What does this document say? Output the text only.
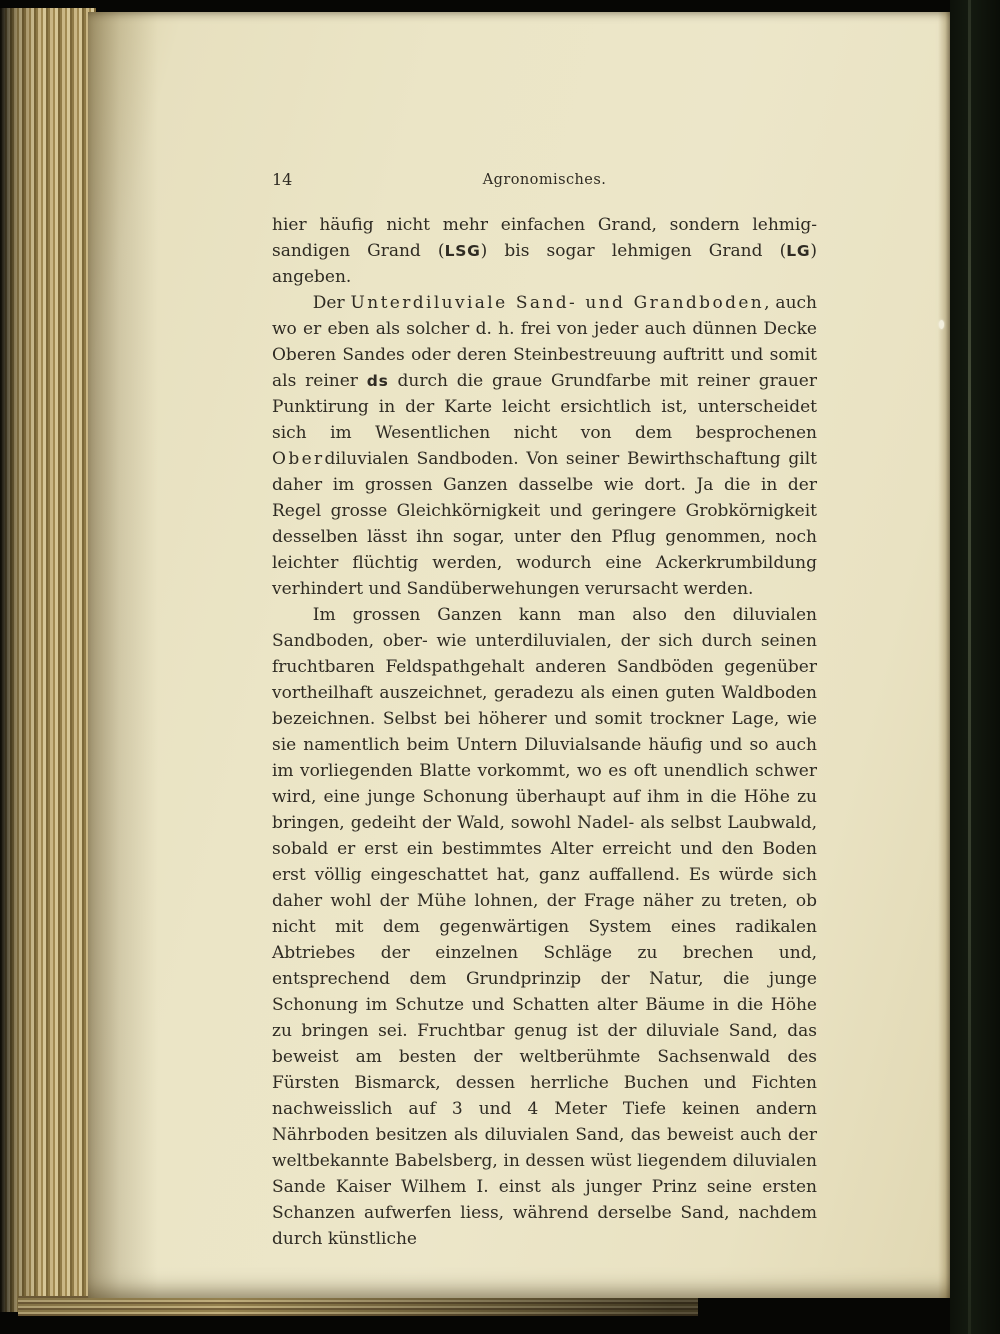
14	Agronomisches.

hier häufig nicht mehr einfachen Grand, sondern lehmig-sandigen Grand (LSG) bis sogar lehmigen Grand (LG) angeben.

Der Unterdiluviale Sand- und Grandboden, auch wo er eben als solcher d. h. frei von jeder auch dünnen Decke Oberen Sandes oder deren Steinbestreuung auftritt und somit als reiner ds durch die graue Grundfarbe mit reiner grauer Punktirung in der Karte leicht ersichtlich ist, unterscheidet sich im Wesentlichen nicht von dem besprochenen Oberdiluvialen Sandboden. Von seiner Bewirthschaftung gilt daher im grossen Ganzen dasselbe wie dort. Ja die in der Regel grosse Gleichkörnigkeit und geringere Grobkörnigkeit desselben lässt ihn sogar, unter den Pflug genommen, noch leichter flüchtig werden, wodurch eine Ackerkrumbildung verhindert und Sandüberwehungen verursacht werden.

Im grossen Ganzen kann man also den diluvialen Sandboden, ober- wie unterdiluvialen, der sich durch seinen fruchtbaren Feldspathgehalt anderen Sandböden gegenüber vortheilhaft auszeichnet, geradezu als einen guten Waldboden bezeichnen. Selbst bei höherer und somit trockner Lage, wie sie namentlich beim Untern Diluvialsande häufig und so auch im vorliegenden Blatte vorkommt, wo es oft unendlich schwer wird, eine junge Schonung überhaupt auf ihm in die Höhe zu bringen, gedeiht der Wald, sowohl Nadel- als selbst Laubwald, sobald er erst ein bestimmtes Alter erreicht und den Boden erst völlig eingeschattet hat, ganz auffallend. Es würde sich daher wohl der Mühe lohnen, der Frage näher zu treten, ob nicht mit dem gegenwärtigen System eines radikalen Abtriebes der einzelnen Schläge zu brechen und, entsprechend dem Grundprinzip der Natur, die junge Schonung im Schutze und Schatten alter Bäume in die Höhe zu bringen sei. Fruchtbar genug ist der diluviale Sand, das beweist am besten der weltberühmte Sachsenwald des Fürsten Bismarck, dessen herrliche Buchen und Fichten nachweisslich auf 3 und 4 Meter Tiefe keinen andern Nährboden besitzen als diluvialen Sand, das beweist auch der weltbekannte Babelsberg, in dessen wüst liegendem diluvialen Sande Kaiser Wilhem I. einst als junger Prinz seine ersten Schanzen aufwerfen liess, während derselbe Sand, nachdem durch künstliche
